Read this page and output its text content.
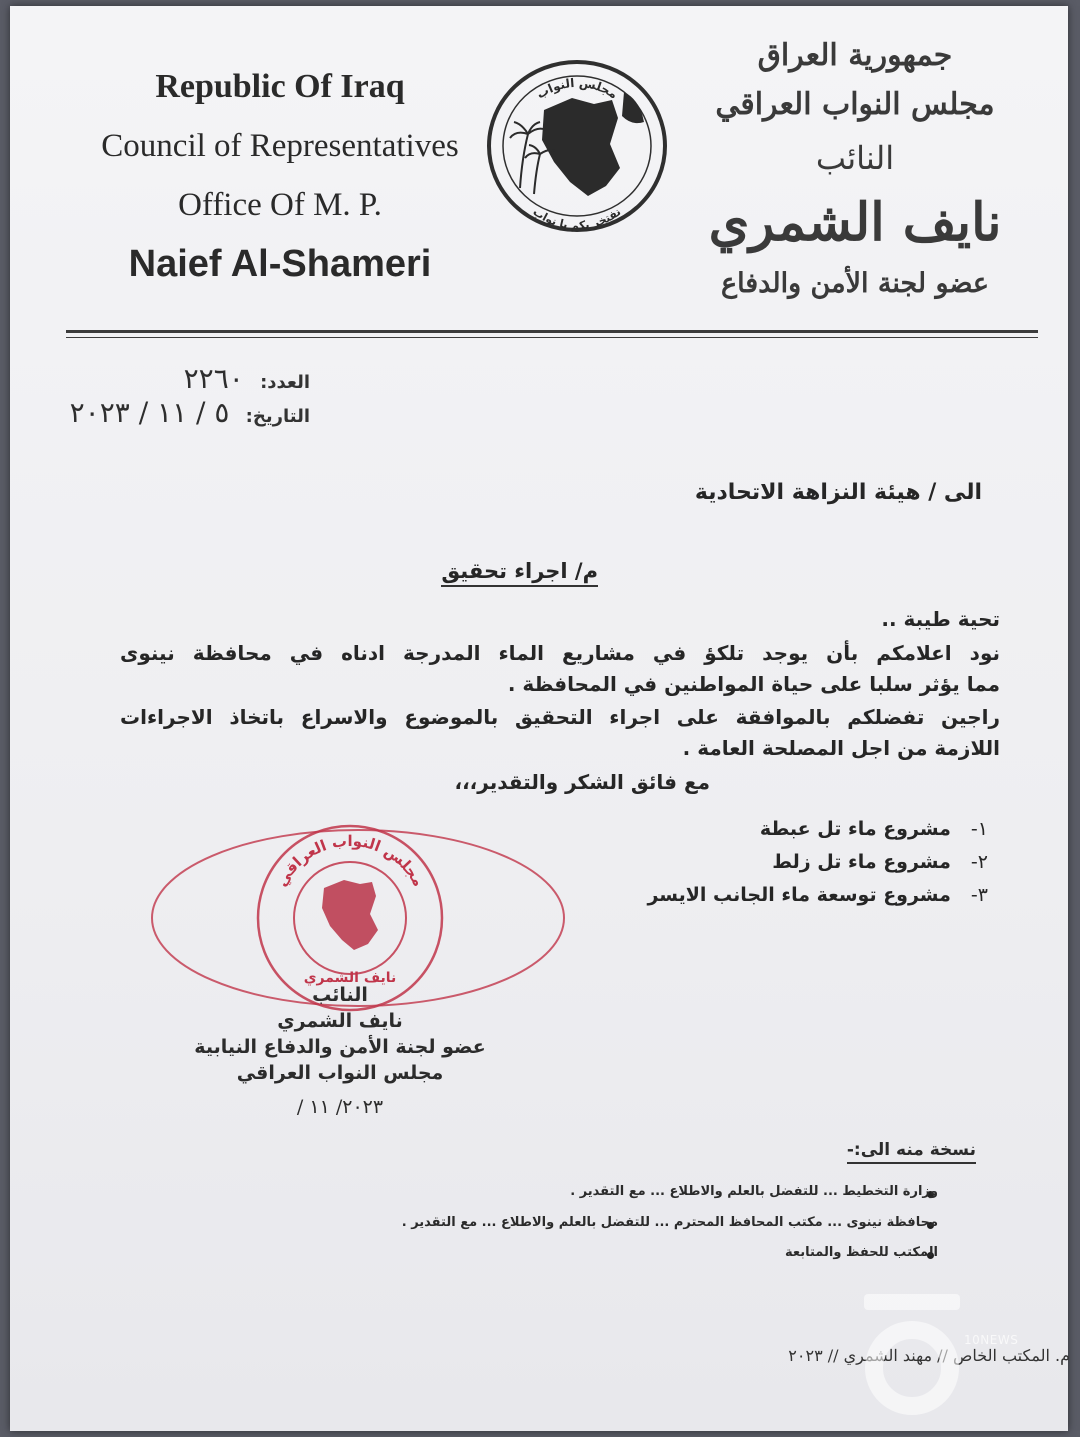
Republic Of Iraq
Council of Representatives
Office Of M. P.
Naief Al-Shameri
مجلس النواب
نفتخر بكم يا نواب
جمهورية العراق
مجلس النواب العراقي
النائب
نايف الشمري
عضو لجنة الأمن والدفاع
العدد: ٢٢٦٠
التاريخ: ٥ / ١١ / ٢٠٢٣
الى / هيئة النزاهة الاتحادية
م/ اجراء تحقيق
تحية طيبة ..
نود اعلامكم بأن يوجد تلكؤ في مشاريع الماء المدرجة ادناه في محافظة نينوى
مما يؤثر سلبا على حياة المواطنين في المحافظة .
راجين تفضلكم بالموافقة على اجراء التحقيق بالموضوع والاسراع باتخاذ الاجراءات
اللازمة من اجل المصلحة العامة .
مع فائق الشكر والتقدير،،،
١-مشروع ماء تل عبطة
٢-مشروع ماء تل زلط
٣-مشروع توسعة ماء الجانب الايسر
مجلس النواب العراقي
نايف الشمري
النائب
نايف الشمري
عضو لجنة الأمن والدفاع النيابية
مجلس النواب العراقي
٢٠٢٣/ ١١ /
نسخة منه الى:-
وزارة التخطيط ... للتفضل بالعلم والاطلاع ... مع التقدير .
محافظة نينوى ... مكتب المحافظ المحترم ... للتفضل بالعلم والاطلاع ... مع التقدير .
المكتب للحفظ والمتابعة
م. المكتب الخاص // مهند الشمري // ٢٠٢٣
10NEWS
